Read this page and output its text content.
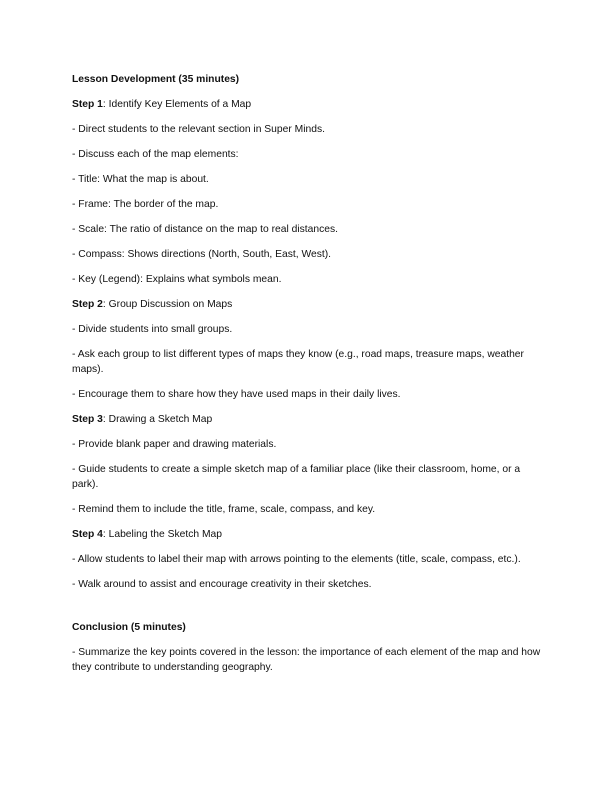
Lesson Development (35 minutes)

Step 1: Identify Key Elements of a Map

- Direct students to the relevant section in Super Minds.

- Discuss each of the map elements:

- Title: What the map is about.

- Frame: The border of the map.

- Scale: The ratio of distance on the map to real distances.

- Compass: Shows directions (North, South, East, West).

- Key (Legend): Explains what symbols mean.

Step 2: Group Discussion on Maps

- Divide students into small groups.

- Ask each group to list different types of maps they know (e.g., road maps, treasure maps, weather maps).

- Encourage them to share how they have used maps in their daily lives.

Step 3: Drawing a Sketch Map

- Provide blank paper and drawing materials.

- Guide students to create a simple sketch map of a familiar place (like their classroom, home, or a park).

- Remind them to include the title, frame, scale, compass, and key.

Step 4: Labeling the Sketch Map

- Allow students to label their map with arrows pointing to the elements (title, scale, compass, etc.).

- Walk around to assist and encourage creativity in their sketches.

Conclusion (5 minutes)

- Summarize the key points covered in the lesson: the importance of each element of the map and how they contribute to understanding geography.
